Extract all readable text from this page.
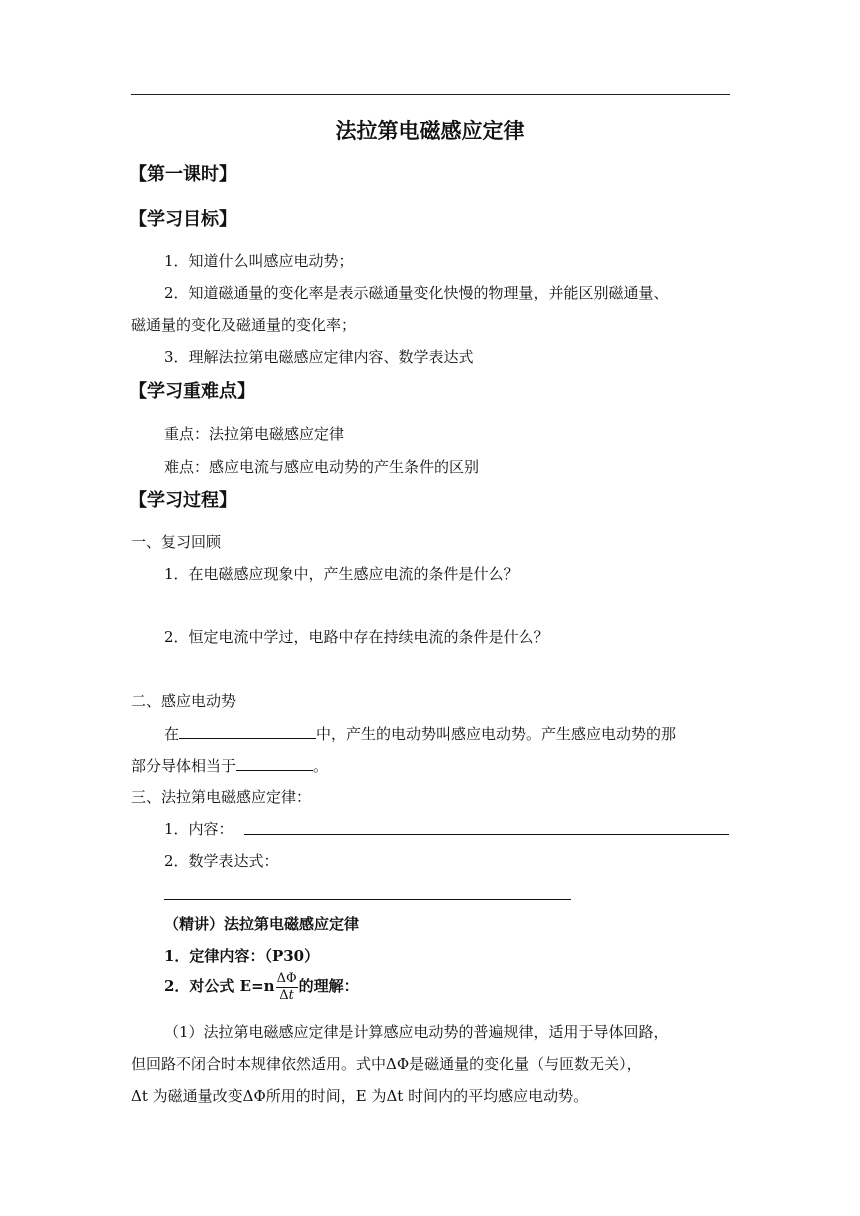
法拉第电磁感应定律
【第一课时】
【学习目标】
1．知道什么叫感应电动势；
2．知道磁通量的变化率是表示磁通量变化快慢的物理量，并能区别磁通量、
磁通量的变化及磁通量的变化率；
3．理解法拉第电磁感应定律内容、数学表达式
【学习重难点】
重点：法拉第电磁感应定律
难点：感应电流与感应电动势的产生条件的区别
【学习过程】
一、复习回顾
1．在电磁感应现象中，产生感应电流的条件是什么？
2．恒定电流中学过，电路中存在持续电流的条件是什么？
二、感应电动势
在	中，产生的电动势叫感应电动势。产生感应电动势的那
部分导体相当于	。
三、法拉第电磁感应定律：
1．内容：
2．数学表达式：
（精讲）法拉第电磁感应定律
1．定律内容：（P30）
2．对公式 $E=n \frac{\Delta\Phi}{\Delta t}$ 的理解：
（1）法拉第电磁感应定律是计算感应电动势的普遍规律，适用于导体回路，
但回路不闭合时本规律依然适用。式中ΔΦ是磁通量的变化量（与匝数无关），
Δt 为磁通量改变ΔΦ所用的时间，E 为Δt 时间内的平均感应电动势。
